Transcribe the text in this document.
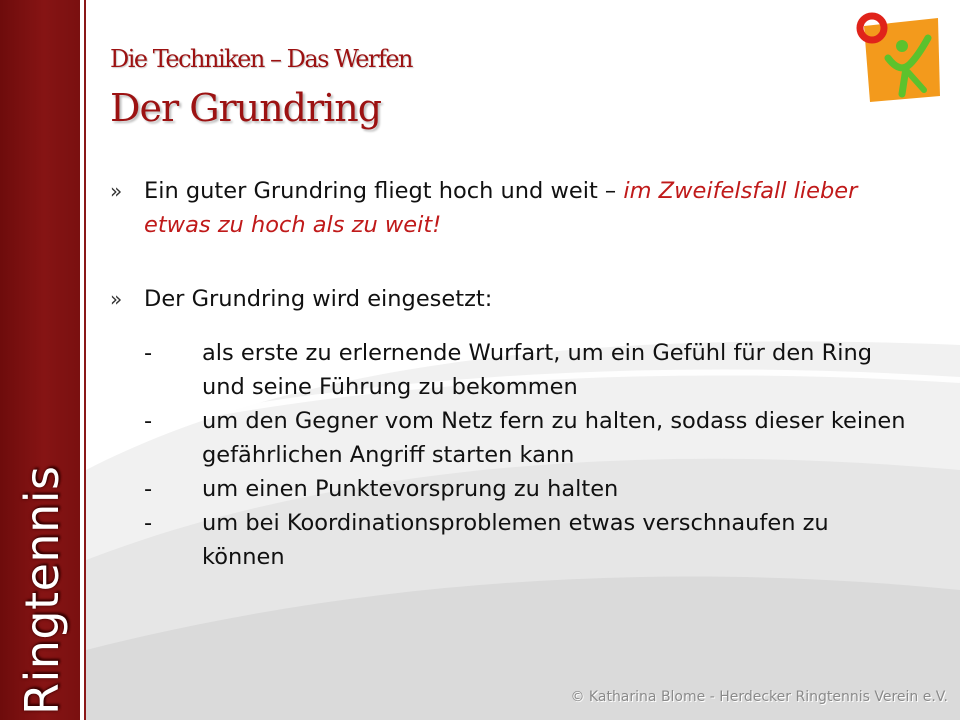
Ringtennis
Die Techniken – Das Werfen
Der Grundring
» Ein guter Grundring fliegt hoch und weit – im Zweifelsfall lieber etwas zu hoch als zu weit!
» Der Grundring wird eingesetzt:
- als erste zu erlernende Wurfart, um ein Gefühl für den Ring und seine Führung zu bekommen
- um den Gegner vom Netz fern zu halten, sodass dieser keinen gefährlichen Angriff starten kann
- um einen Punktevorsprung zu halten
- um bei Koordinationsproblemen etwas verschnaufen zu können
© Katharina Blome - Herdecker Ringtennis Verein e.V.
